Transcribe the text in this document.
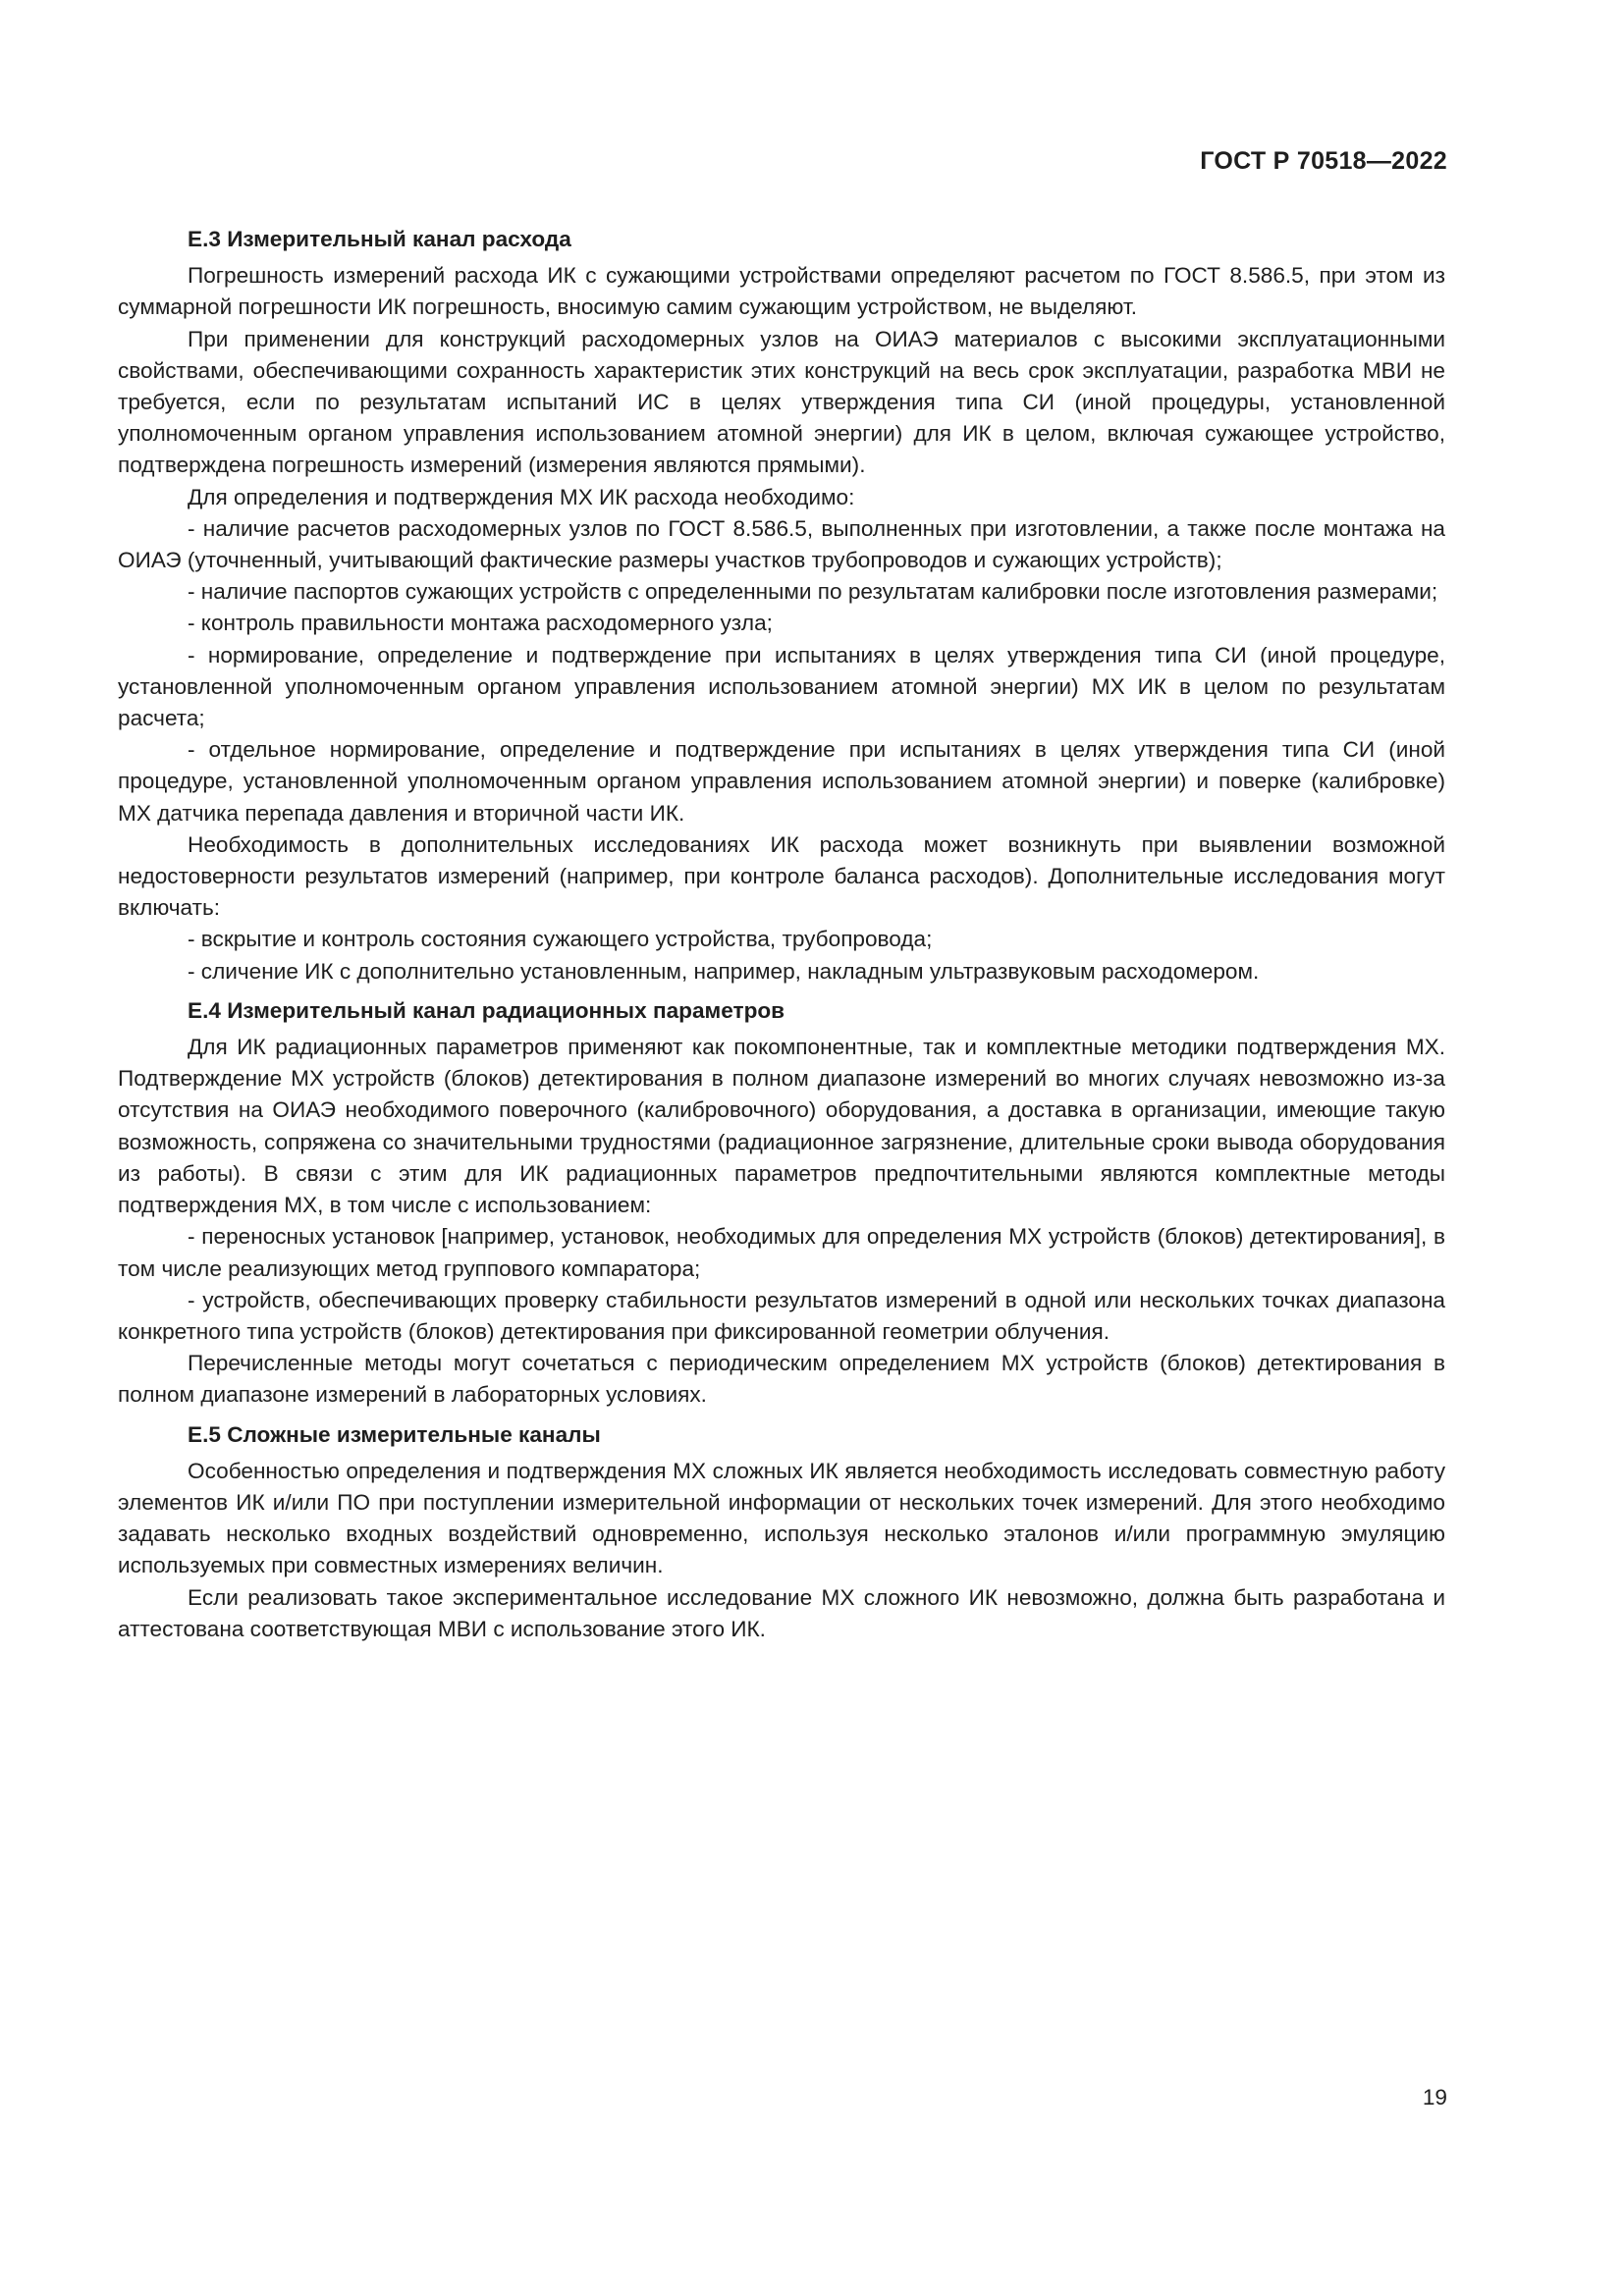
ГОСТ Р 70518—2022
Е.3 Измерительный канал расхода

Погрешность измерений расхода ИК с сужающими устройствами определяют расчетом по ГОСТ 8.586.5, при этом из суммарной погрешности ИК погрешность, вносимую самим сужающим устройством, не выделяют.

При применении для конструкций расходомерных узлов на ОИАЭ материалов с высокими эксплуатационными свойствами, обеспечивающими сохранность характеристик этих конструкций на весь срок эксплуатации, разработка МВИ не требуется, если по результатам испытаний ИС в целях утверждения типа СИ (иной процедуры, установленной уполномоченным органом управления использованием атомной энергии) для ИК в целом, включая сужающее устройство, подтверждена погрешность измерений (измерения являются прямыми).

Для определения и подтверждения МХ ИК расхода необходимо:

- наличие расчетов расходомерных узлов по ГОСТ 8.586.5, выполненных при изготовлении, а также после монтажа на ОИАЭ (уточненный, учитывающий фактические размеры участков трубопроводов и сужающих устройств);

- наличие паспортов сужающих устройств с определенными по результатам калибровки после изготовления размерами;

- контроль правильности монтажа расходомерного узла;

- нормирование, определение и подтверждение при испытаниях в целях утверждения типа СИ (иной процедуре, установленной уполномоченным органом управления использованием атомной энергии) МХ ИК в целом по результатам расчета;

- отдельное нормирование, определение и подтверждение при испытаниях в целях утверждения типа СИ (иной процедуре, установленной уполномоченным органом управления использованием атомной энергии) и поверке (калибровке) МХ датчика перепада давления и вторичной части ИК.

Необходимость в дополнительных исследованиях ИК расхода может возникнуть при выявлении возможной недостоверности результатов измерений (например, при контроле баланса расходов). Дополнительные исследования могут включать:

- вскрытие и контроль состояния сужающего устройства, трубопровода;

- сличение ИК с дополнительно установленным, например, накладным ультразвуковым расходомером.

Е.4 Измерительный канал радиационных параметров

Для ИК радиационных параметров применяют как покомпонентные, так и комплектные методики подтверждения МХ. Подтверждение МХ устройств (блоков) детектирования в полном диапазоне измерений во многих случаях невозможно из-за отсутствия на ОИАЭ необходимого поверочного (калибровочного) оборудования, а доставка в организации, имеющие такую возможность, сопряжена со значительными трудностями (радиационное загрязнение, длительные сроки вывода оборудования из работы). В связи с этим для ИК радиационных параметров предпочтительными являются комплектные методы подтверждения МХ, в том числе с использованием:

- переносных установок [например, установок, необходимых для определения МХ устройств (блоков) детектирования], в том числе реализующих метод группового компаратора;

- устройств, обеспечивающих проверку стабильности результатов измерений в одной или нескольких точках диапазона конкретного типа устройств (блоков) детектирования при фиксированной геометрии облучения.

Перечисленные методы могут сочетаться с периодическим определением МХ устройств (блоков) детектирования в полном диапазоне измерений в лабораторных условиях.

Е.5 Сложные измерительные каналы

Особенностью определения и подтверждения МХ сложных ИК является необходимость исследовать совместную работу элементов ИК и/или ПО при поступлении измерительной информации от нескольких точек измерений. Для этого необходимо задавать несколько входных воздействий одновременно, используя несколько эталонов и/или программную эмуляцию используемых при совместных измерениях величин.

Если реализовать такое экспериментальное исследование МХ сложного ИК невозможно, должна быть разработана и аттестована соответствующая МВИ с использование этого ИК.

19
